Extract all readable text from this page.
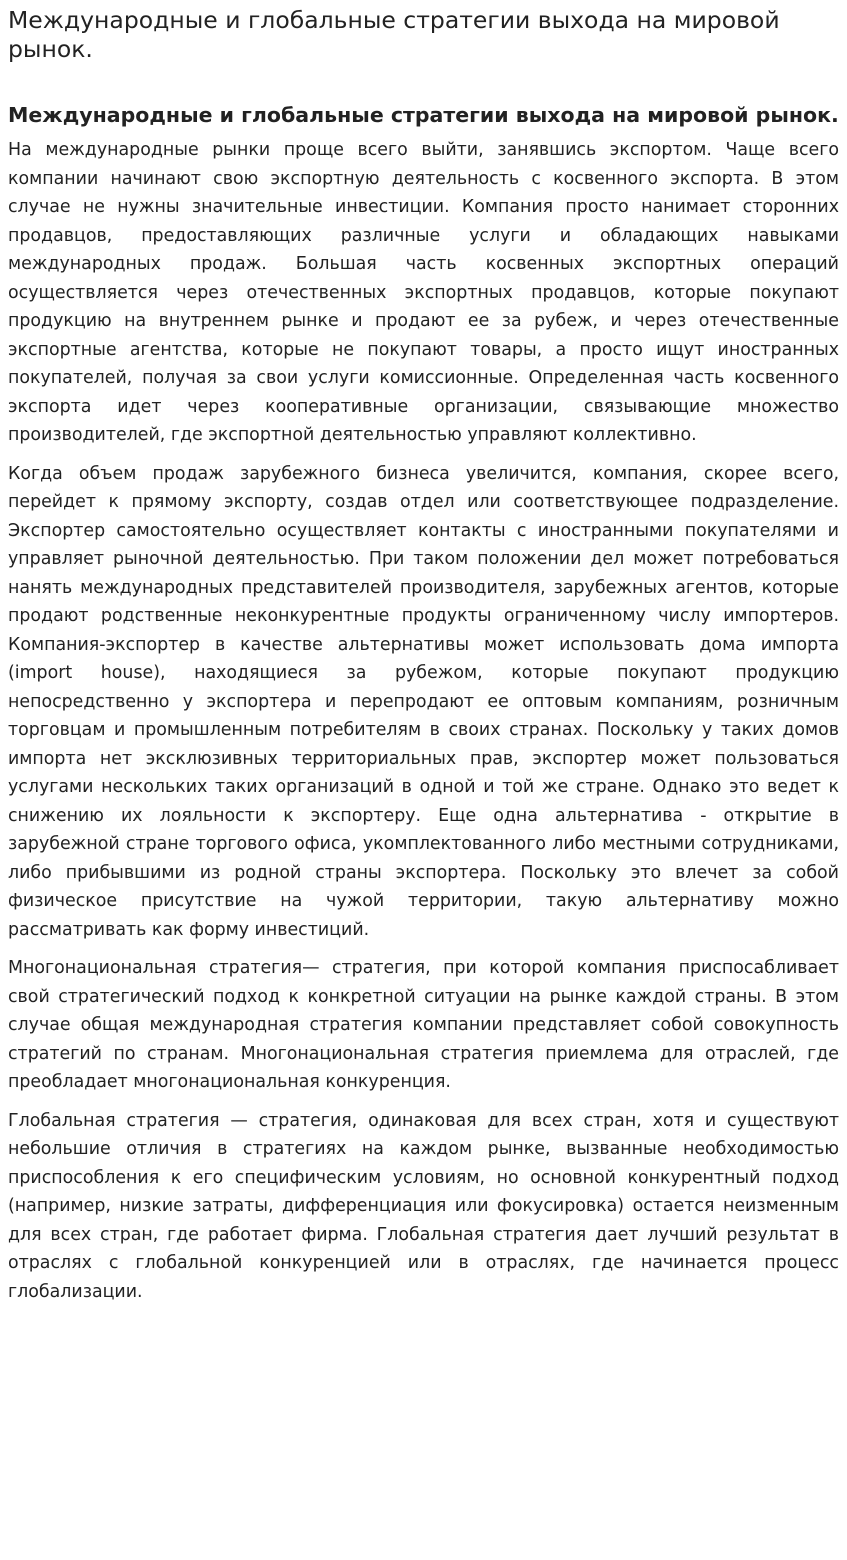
Международные и глобальные стратегии выхода на мировой рынок.
Международные и глобальные стратегии выхода на мировой рынок.

На международные рынки проще всего выйти, занявшись экспортом. Чаще всего компании начинают свою экспортную деятельность с косвенного экспорта. В этом случае не нужны значительные инвестиции. Компания просто нанимает сторонних продавцов, предоставляющих различные услуги и обладающих навыками международных продаж. Большая часть косвенных экспортных операций осуществляется через отечественных экспортных продавцов, которые покупают продукцию на внутреннем рынке и продают ее за рубеж, и через отечественные экспортные агентства, которые не покупают товары, а просто ищут иностранных покупателей, получая за свои услуги комиссионные. Определенная часть косвенного экспорта идет через кооперативные организации, связывающие множество производителей, где экспортной деятельностью управляют коллективно.

Когда объем продаж зарубежного бизнеса увеличится, компания, скорее всего, перейдет к прямому экспорту, создав отдел или соответствующее подразделение. Экспортер самостоятельно осуществляет контакты с иностранными покупателями и управляет рыночной деятельностью. При таком положении дел может потребоваться нанять международных представителей производителя, зарубежных агентов, которые продают родственные неконкурентные продукты ограниченному числу импортеров. Компания-экспортер в качестве альтернативы может использовать дома импорта (import house), находящиеся за рубежом, которые покупают продукцию непосредственно у экспортера и перепродают ее оптовым компаниям, розничным торговцам и промышленным потребителям в своих странах. Поскольку у таких домов импорта нет эксклюзивных территориальных прав, экспортер может пользоваться услугами нескольких таких организаций в одной и той же стране. Однако это ведет к снижению их лояльности к экспортеру. Еще одна альтернатива - открытие в зарубежной стране торгового офиса, укомплектованного либо местными сотрудниками, либо прибывшими из родной страны экспортера. Поскольку это влечет за собой физическое присутствие на чужой территории, такую альтернативу можно рассматривать как форму инвестиций.

Многонациональная стратегия— стратегия, при которой компания приспосабливает свой стратегический подход к конкретной ситуации на рынке каждой страны. В этом случае общая международная стратегия компании представляет собой совокупность стратегий по странам. Многонациональная стратегия приемлема для отраслей, где преобладает многонациональная конкуренция.

Глобальная стратегия — стратегия, одинаковая для всех стран, хотя и существуют небольшие отличия в стратегиях на каждом рынке, вызванные необходимостью приспособления к его специфическим условиям, но основной конкурентный подход (например, низкие затраты, дифференциация или фокусировка) остается неизменным для всех стран, где работает фирма. Глобальная стратегия дает лучший результат в отраслях с глобальной конкуренцией или в отраслях, где начинается процесс глобализации.
